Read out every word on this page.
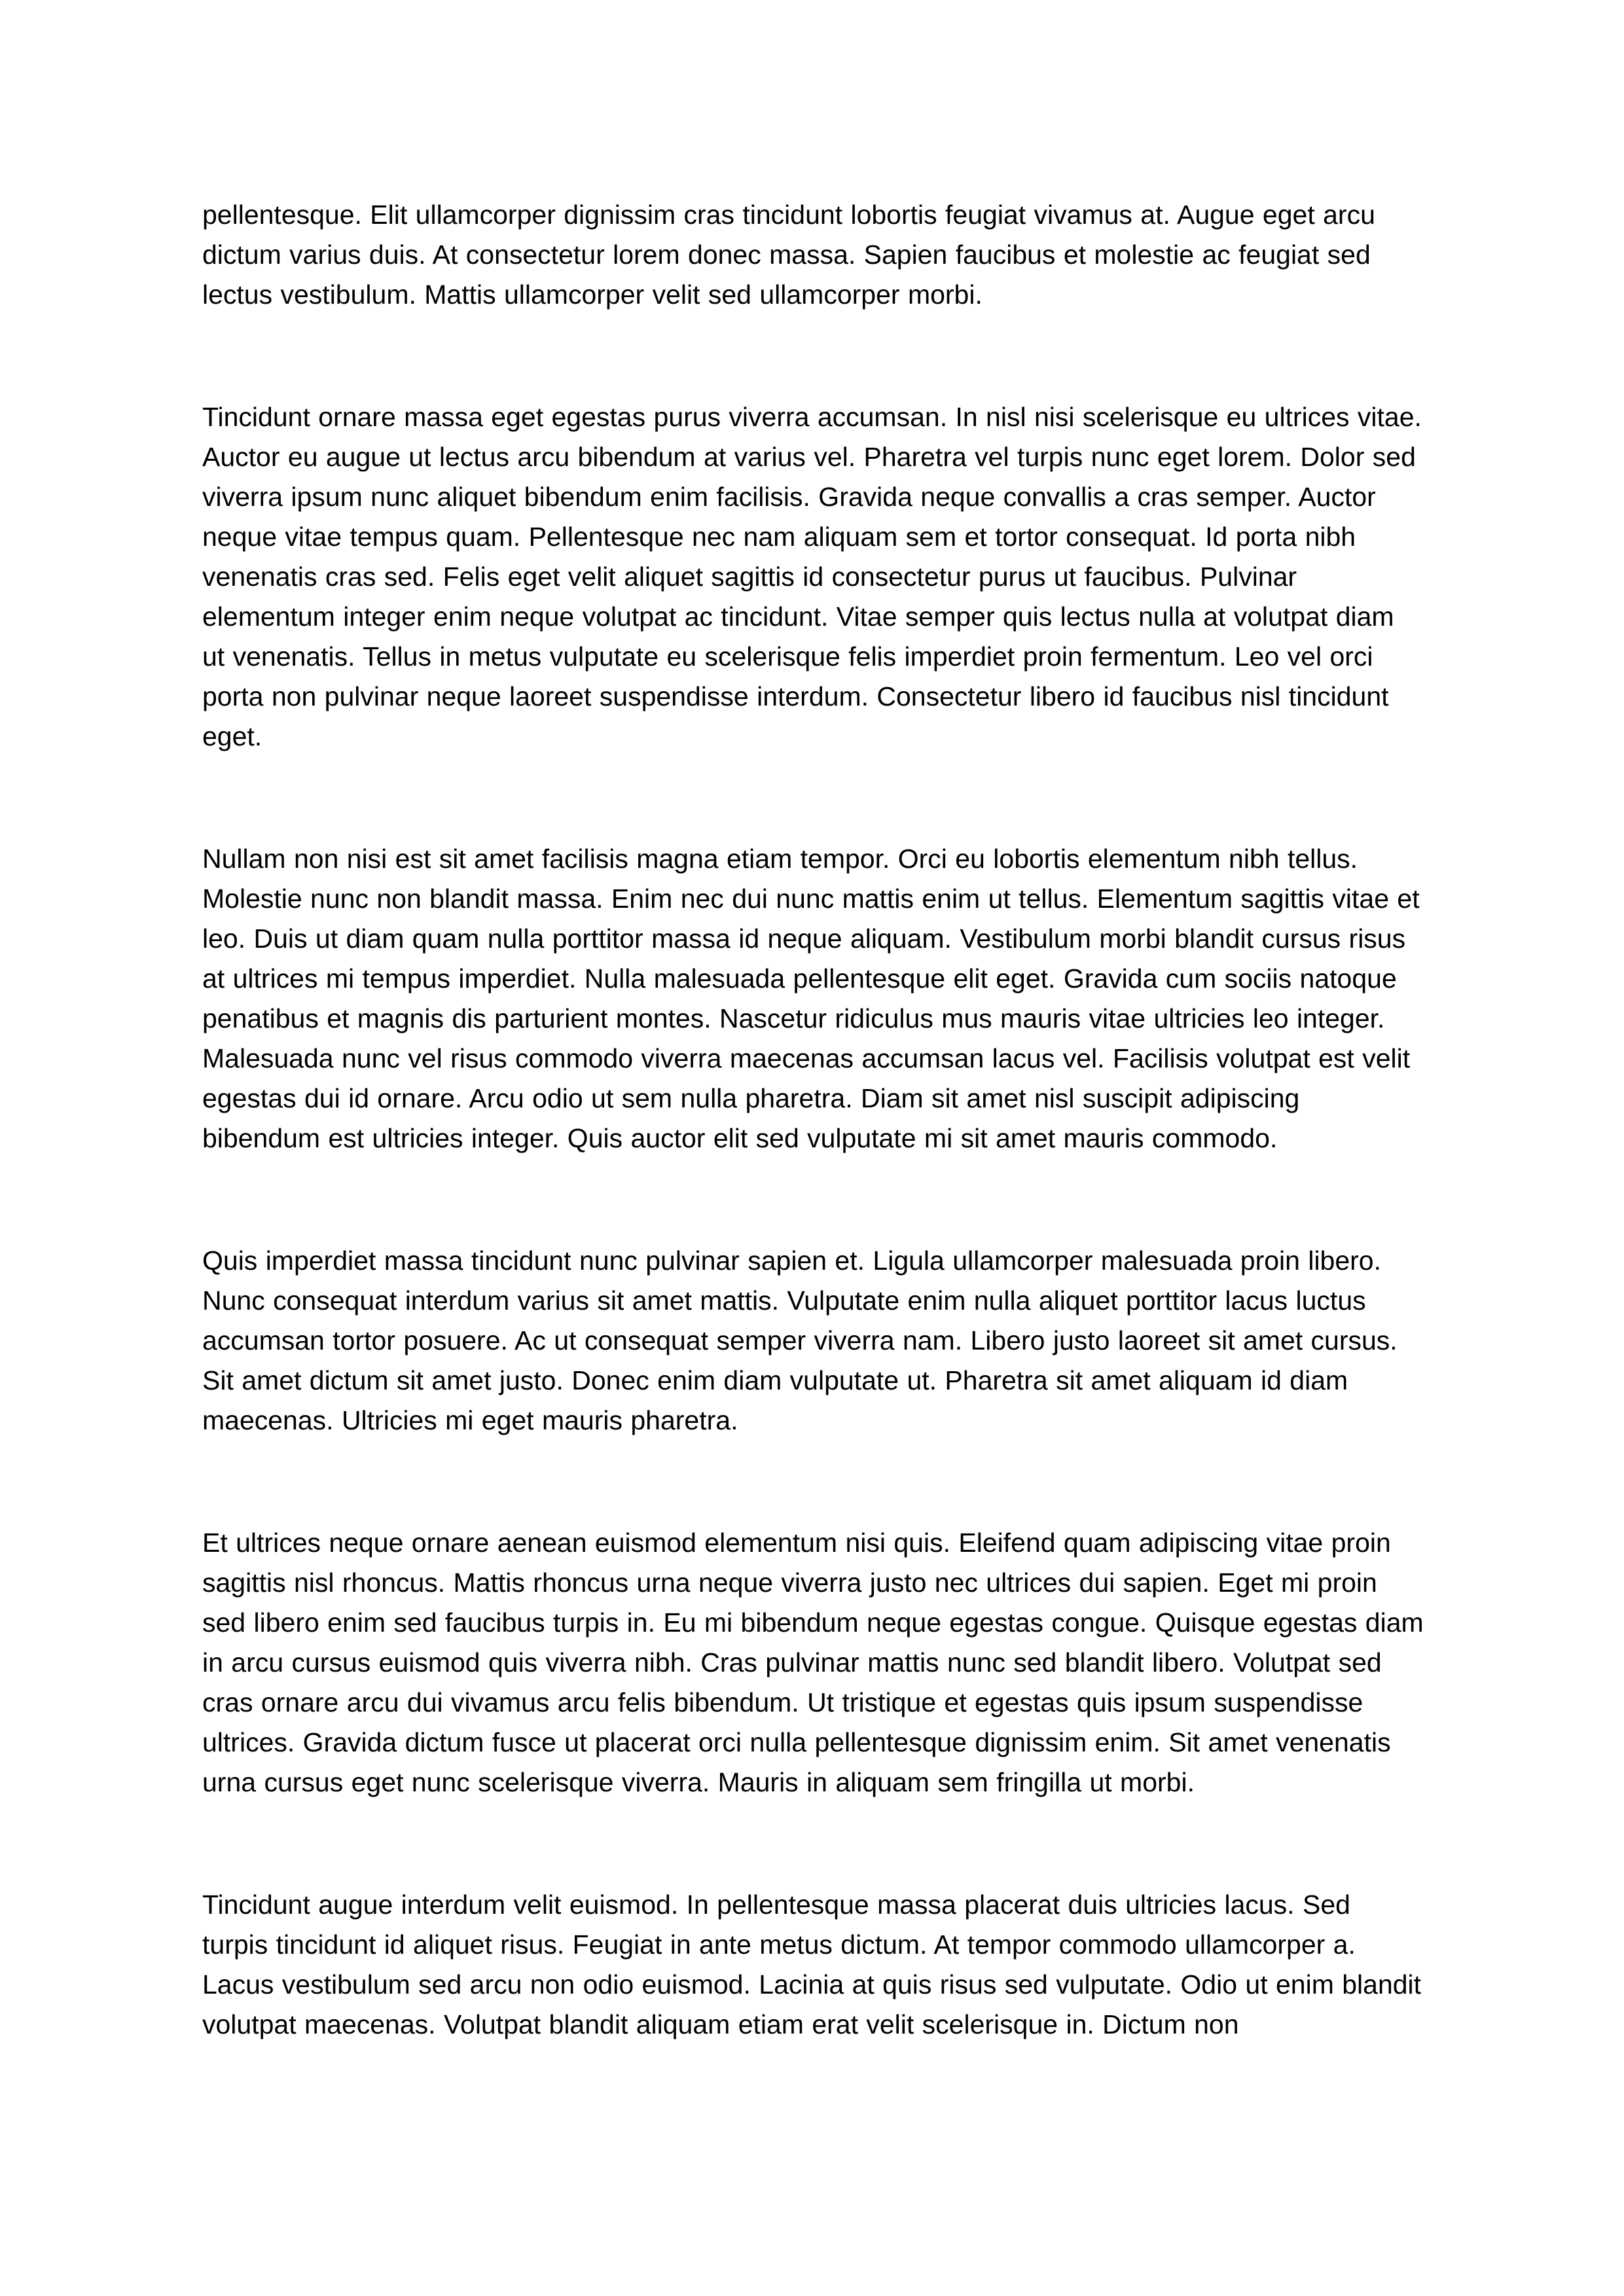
pellentesque. Elit ullamcorper dignissim cras tincidunt lobortis feugiat vivamus at. Augue eget arcu dictum varius duis. At consectetur lorem donec massa. Sapien faucibus et molestie ac feugiat sed lectus vestibulum. Mattis ullamcorper velit sed ullamcorper morbi.

Tincidunt ornare massa eget egestas purus viverra accumsan. In nisl nisi scelerisque eu ultrices vitae. Auctor eu augue ut lectus arcu bibendum at varius vel. Pharetra vel turpis nunc eget lorem. Dolor sed viverra ipsum nunc aliquet bibendum enim facilisis. Gravida neque convallis a cras semper. Auctor neque vitae tempus quam. Pellentesque nec nam aliquam sem et tortor consequat. Id porta nibh venenatis cras sed. Felis eget velit aliquet sagittis id consectetur purus ut faucibus. Pulvinar elementum integer enim neque volutpat ac tincidunt. Vitae semper quis lectus nulla at volutpat diam ut venenatis. Tellus in metus vulputate eu scelerisque felis imperdiet proin fermentum. Leo vel orci porta non pulvinar neque laoreet suspendisse interdum. Consectetur libero id faucibus nisl tincidunt eget.

Nullam non nisi est sit amet facilisis magna etiam tempor. Orci eu lobortis elementum nibh tellus. Molestie nunc non blandit massa. Enim nec dui nunc mattis enim ut tellus. Elementum sagittis vitae et leo. Duis ut diam quam nulla porttitor massa id neque aliquam. Vestibulum morbi blandit cursus risus at ultrices mi tempus imperdiet. Nulla malesuada pellentesque elit eget. Gravida cum sociis natoque penatibus et magnis dis parturient montes. Nascetur ridiculus mus mauris vitae ultricies leo integer. Malesuada nunc vel risus commodo viverra maecenas accumsan lacus vel. Facilisis volutpat est velit egestas dui id ornare. Arcu odio ut sem nulla pharetra. Diam sit amet nisl suscipit adipiscing bibendum est ultricies integer. Quis auctor elit sed vulputate mi sit amet mauris commodo.

Quis imperdiet massa tincidunt nunc pulvinar sapien et. Ligula ullamcorper malesuada proin libero. Nunc consequat interdum varius sit amet mattis. Vulputate enim nulla aliquet porttitor lacus luctus accumsan tortor posuere. Ac ut consequat semper viverra nam. Libero justo laoreet sit amet cursus. Sit amet dictum sit amet justo. Donec enim diam vulputate ut. Pharetra sit amet aliquam id diam maecenas. Ultricies mi eget mauris pharetra.

Et ultrices neque ornare aenean euismod elementum nisi quis. Eleifend quam adipiscing vitae proin sagittis nisl rhoncus. Mattis rhoncus urna neque viverra justo nec ultrices dui sapien. Eget mi proin sed libero enim sed faucibus turpis in. Eu mi bibendum neque egestas congue. Quisque egestas diam in arcu cursus euismod quis viverra nibh. Cras pulvinar mattis nunc sed blandit libero. Volutpat sed cras ornare arcu dui vivamus arcu felis bibendum. Ut tristique et egestas quis ipsum suspendisse ultrices. Gravida dictum fusce ut placerat orci nulla pellentesque dignissim enim. Sit amet venenatis urna cursus eget nunc scelerisque viverra. Mauris in aliquam sem fringilla ut morbi.

Tincidunt augue interdum velit euismod. In pellentesque massa placerat duis ultricies lacus. Sed turpis tincidunt id aliquet risus. Feugiat in ante metus dictum. At tempor commodo ullamcorper a. Lacus vestibulum sed arcu non odio euismod. Lacinia at quis risus sed vulputate. Odio ut enim blandit volutpat maecenas. Volutpat blandit aliquam etiam erat velit scelerisque in. Dictum non
